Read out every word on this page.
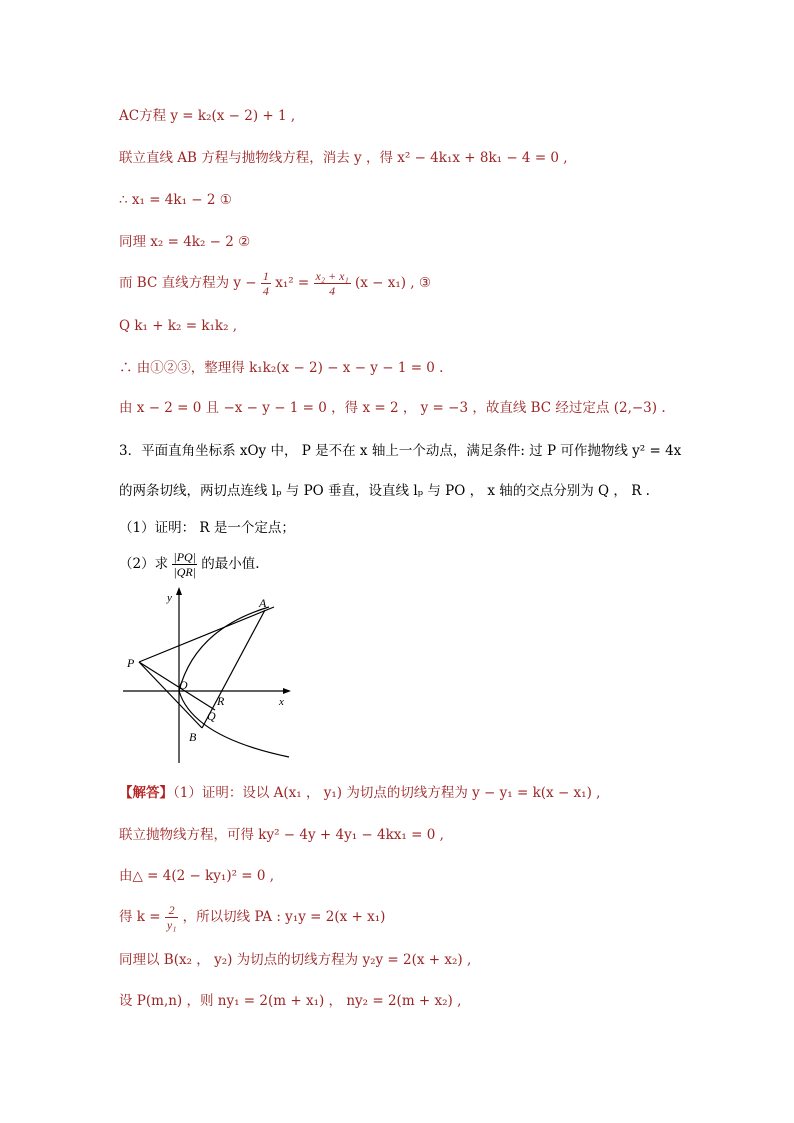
AC方程 y = k₂(x − 2) + 1 ,
联立直线 AB 方程与抛物线方程，消去 y ，得 x² − 4k₁x + 8k₁ − 4 = 0 ,
∴ x₁ = 4k₁ − 2 ①
同理 x₂ = 4k₂ − 2 ②
而 BC 直线方程为 $y - \frac{1}{4} x_1^2 = \frac{\text{x₂ + x₁}}{4} (x - x_1)$ , ③
Q k₁ + k₂ = k₁k₂ ,
∴ 由①②③，整理得 k₁k₂(x − 2) − x − y − 1 = 0 .
由 x − 2 = 0 且 −x − y − 1 = 0 ，得 x = 2 ， y = −3 ，故直线 BC 经过定点 (2,−3) .
3．平面直角坐标系 xOy 中， P 是不在 x 轴上一个动点，满足条件: 过 P 可作抛物线 y² = 4x
的两条切线，两切点连线 lₚ 与 PO 垂直，设直线 lₚ 与 PO ， x 轴的交点分别为 Q ， R .
（1）证明： R 是一个定点；
（2）求 $\frac{|PQ|}{|QR|}$ 的最小值.
y
x
A
P
O
R
Q
B
【解答】（1）证明：设以 A(x₁ ， y₁) 为切点的切线方程为 y − y₁ = k(x − x₁) ,
联立抛物线方程，可得 ky² − 4y + 4y₁ − 4kx₁ = 0 ,
由△ = 4(2 − ky₁)² = 0 ,
得 $k = \frac{2}{\text{y₁}}$ ，所以切线 PA : y₁y = 2(x + x₁)
同理以 B(x₂ ， y₂) 为切点的切线方程为 y₂y = 2(x + x₂) ,
设 P(m,n) ，则 ny₁ = 2(m + x₁) ， ny₂ = 2(m + x₂) ,
